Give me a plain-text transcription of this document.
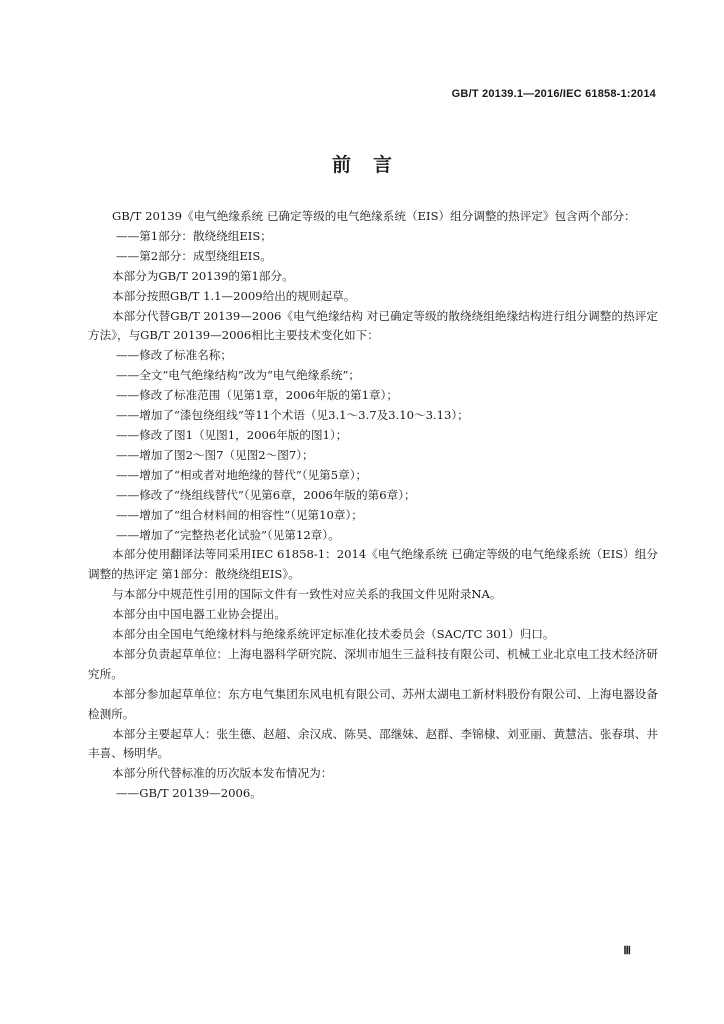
GB/T 20139.1—2016/IEC 61858-1:2014
前言

GB/T 20139《电气绝缘系统 已确定等级的电气绝缘系统（EIS）组分调整的热评定》包含两个部分：

——第1部分：散绕绕组EIS；

——第2部分：成型绕组EIS。

本部分为GB/T 20139的第1部分。

本部分按照GB/T 1.1—2009给出的规则起草。

本部分代替GB/T 20139—2006《电气绝缘结构 对已确定等级的散绕绕组绝缘结构进行组分调整的热评定方法》，与GB/T 20139—2006相比主要技术变化如下：

——修改了标准名称；

——全文“电气绝缘结构”改为“电气绝缘系统”；

——修改了标准范围（见第1章，2006年版的第1章）；

——增加了“漆包绕组线”等11个术语（见3.1～3.7及3.10～3.13）；

——修改了图1（见图1，2006年版的图1）；

——增加了图2～图7（见图2～图7）；

——增加了“相或者对地绝缘的替代”（见第5章）；

——修改了“绕组线替代”（见第6章，2006年版的第6章）；

——增加了“组合材料间的相容性”（见第10章）；

——增加了“完整热老化试验”（见第12章）。

本部分使用翻译法等同采用IEC 61858-1：2014《电气绝缘系统 已确定等级的电气绝缘系统（EIS）组分调整的热评定 第1部分：散绕绕组EIS》。

与本部分中规范性引用的国际文件有一致性对应关系的我国文件见附录NA。

本部分由中国电器工业协会提出。

本部分由全国电气绝缘材料与绝缘系统评定标准化技术委员会（SAC/TC 301）归口。

本部分负责起草单位：上海电器科学研究院、深圳市旭生三益科技有限公司、机械工业北京电工技术经济研究所。

本部分参加起草单位：东方电气集团东风电机有限公司、苏州太湖电工新材料股份有限公司、上海电器设备检测所。

本部分主要起草人：张生德、赵超、余汉成、陈昊、邵继妹、赵群、李锦棣、刘亚丽、黄慧洁、张春琪、井丰喜、杨明华。

本部分所代替标准的历次版本发布情况为：

——GB/T 20139—2006。

Ⅲ
